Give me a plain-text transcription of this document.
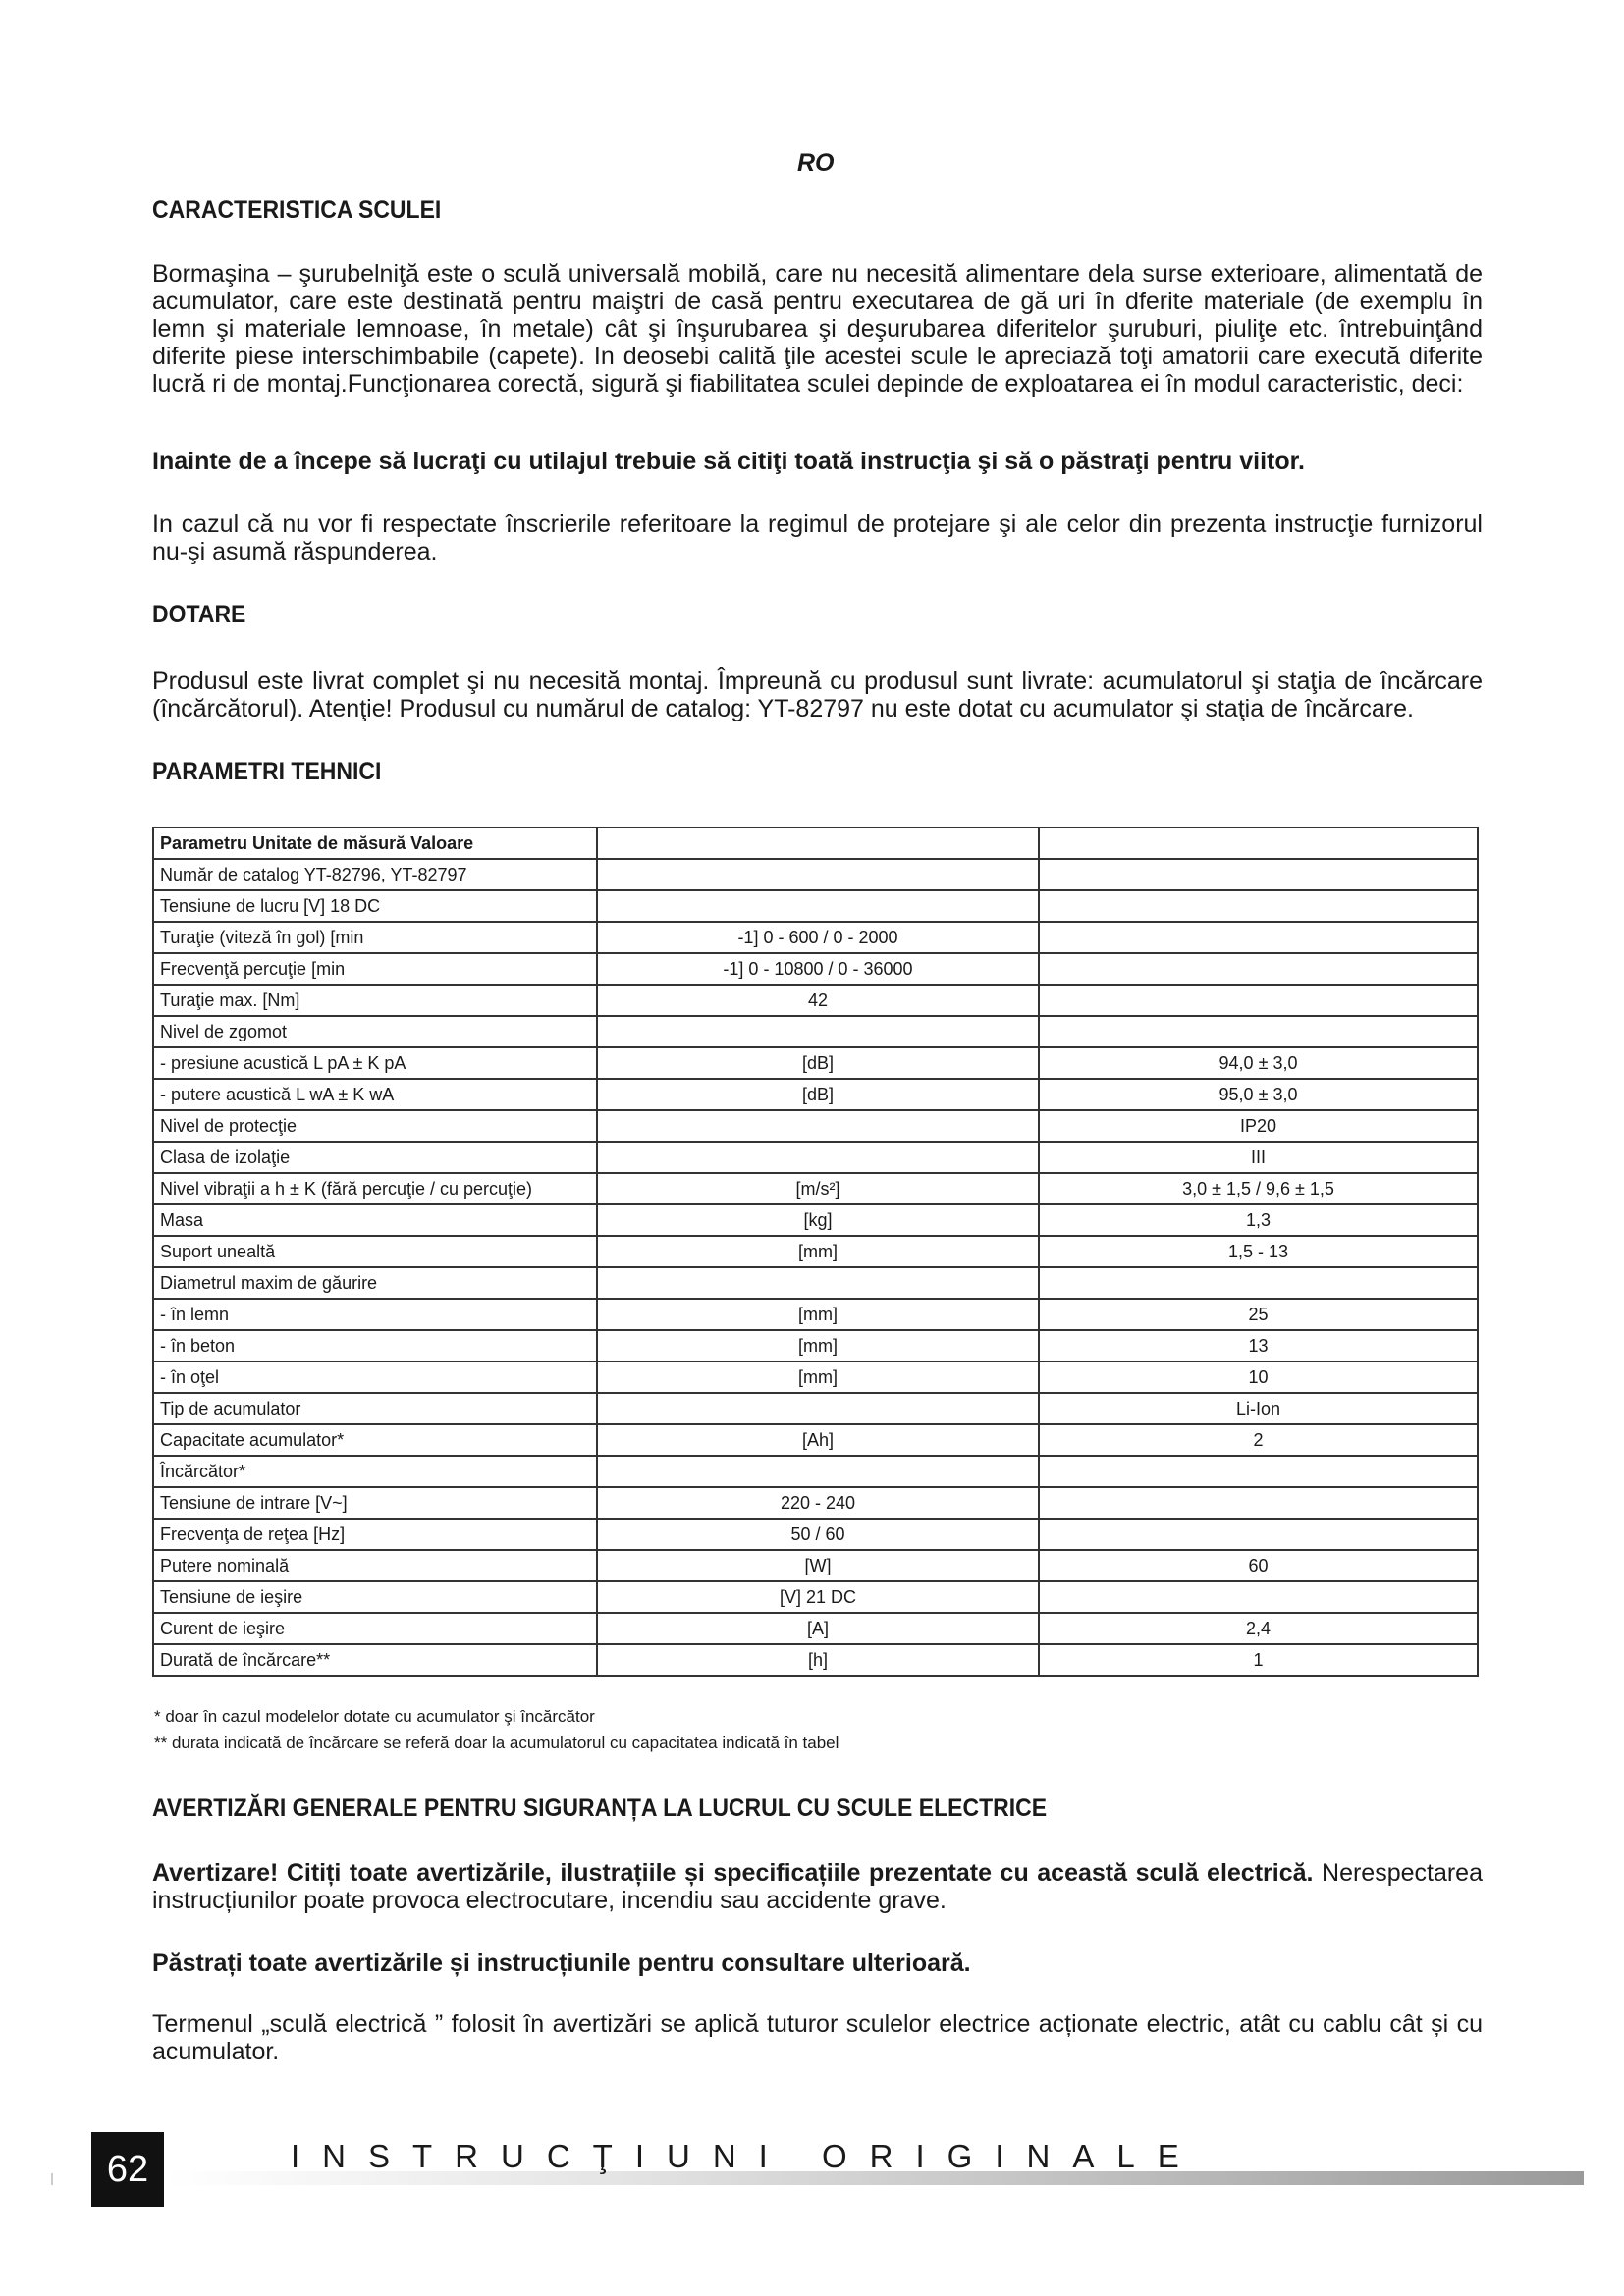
RO
CARACTERISTICA SCULEI
Bormaşina – şurubelniţă este o sculă universală mobilă, care nu necesită alimentare dela surse exterioare, alimentată de acumulator, care este destinată pentru maiştri de casă pentru executarea de gă uri în dferite materiale (de exemplu în lemn şi materiale lemnoase, în metale) cât şi înşurubarea şi deşurubarea diferitelor şuruburi, piuliţe etc. întrebuinţând diferite piese interschimbabile (capete). In deosebi calită ţile acestei scule le apreciază toţi amatorii care execută diferite lucră ri de montaj.Funcţionarea corectă, sigură şi fiabilitatea sculei depinde de exploatarea ei în modul caracteristic, deci:
Inainte de a începe să lucraţi cu utilajul trebuie să citiţi toată instrucţia şi să o păstraţi pentru viitor.
In cazul că nu vor fi respectate înscrierile referitoare la regimul de protejare şi ale celor din prezenta instrucţie furnizorul nu-şi asumă răspunderea.
DOTARE
Produsul este livrat complet şi nu necesită montaj. Împreună cu produsul sunt livrate: acumulatorul şi staţia de încărcare (încărcătorul). Atenţie! Produsul cu numărul de catalog: YT-82797 nu este dotat cu acumulator şi staţia de încărcare.
PARAMETRI TEHNICI
Parametru Unitate de măsură Valoare		
Număr de catalog YT-82796, YT-82797		
Tensiune de lucru [V] 18 DC		
Turaţie (viteză în gol) [min	-1] 0 - 600 / 0 - 2000	
Frecvenţă percuţie [min	-1] 0 - 10800 / 0 - 36000	
Turaţie max. [Nm]	42	
Nivel de zgomot		
- presiune acustică L pA ± K pA	[dB]	94,0 ± 3,0
- putere acustică L wA ± K wA	[dB]	95,0 ± 3,0
Nivel de protecţie		IP20
Clasa de izolaţie		III
Nivel vibraţii a h ± K (fără percuţie / cu percuţie)	[m/s²]	3,0 ± 1,5 / 9,6 ± 1,5
Masa	[kg]	1,3
Suport unealtă	[mm]	1,5 - 13
Diametrul maxim de găurire		
- în lemn	[mm]	25
- în beton	[mm]	13
- în oţel	[mm]	10
Tip de acumulator		Li-Ion
Capacitate acumulator*	[Ah]	2
Încărcător*		
Tensiune de intrare [V~]	220 - 240	
Frecvenţa de reţea [Hz]	50 / 60	
Putere nominală	[W]	60
Tensiune de ieşire	[V] 21 DC	
Curent de ieşire	[A]	2,4
Durată de încărcare**	[h]	1
* doar în cazul modelelor dotate cu acumulator şi încărcător
** durata indicată de încărcare se referă doar la acumulatorul cu capacitatea indicată în tabel
AVERTIZĂRI GENERALE PENTRU SIGURANȚA LA LUCRUL CU SCULE ELECTRICE
Avertizare! Citiți toate avertizările, ilustrațiile și specificațiile prezentate cu această sculă electrică. Nerespectarea instrucțiunilor poate provoca electrocutare, incendiu sau accidente grave.
Păstrați toate avertizările și instrucțiunile pentru consultare ulterioară.
Termenul „sculă electrică ” folosit în avertizări se aplică tuturor sculelor electrice acționate electric, atât cu cablu cât și cu acumulator.
62	INSTRUCŢIUNI ORIGINALE
